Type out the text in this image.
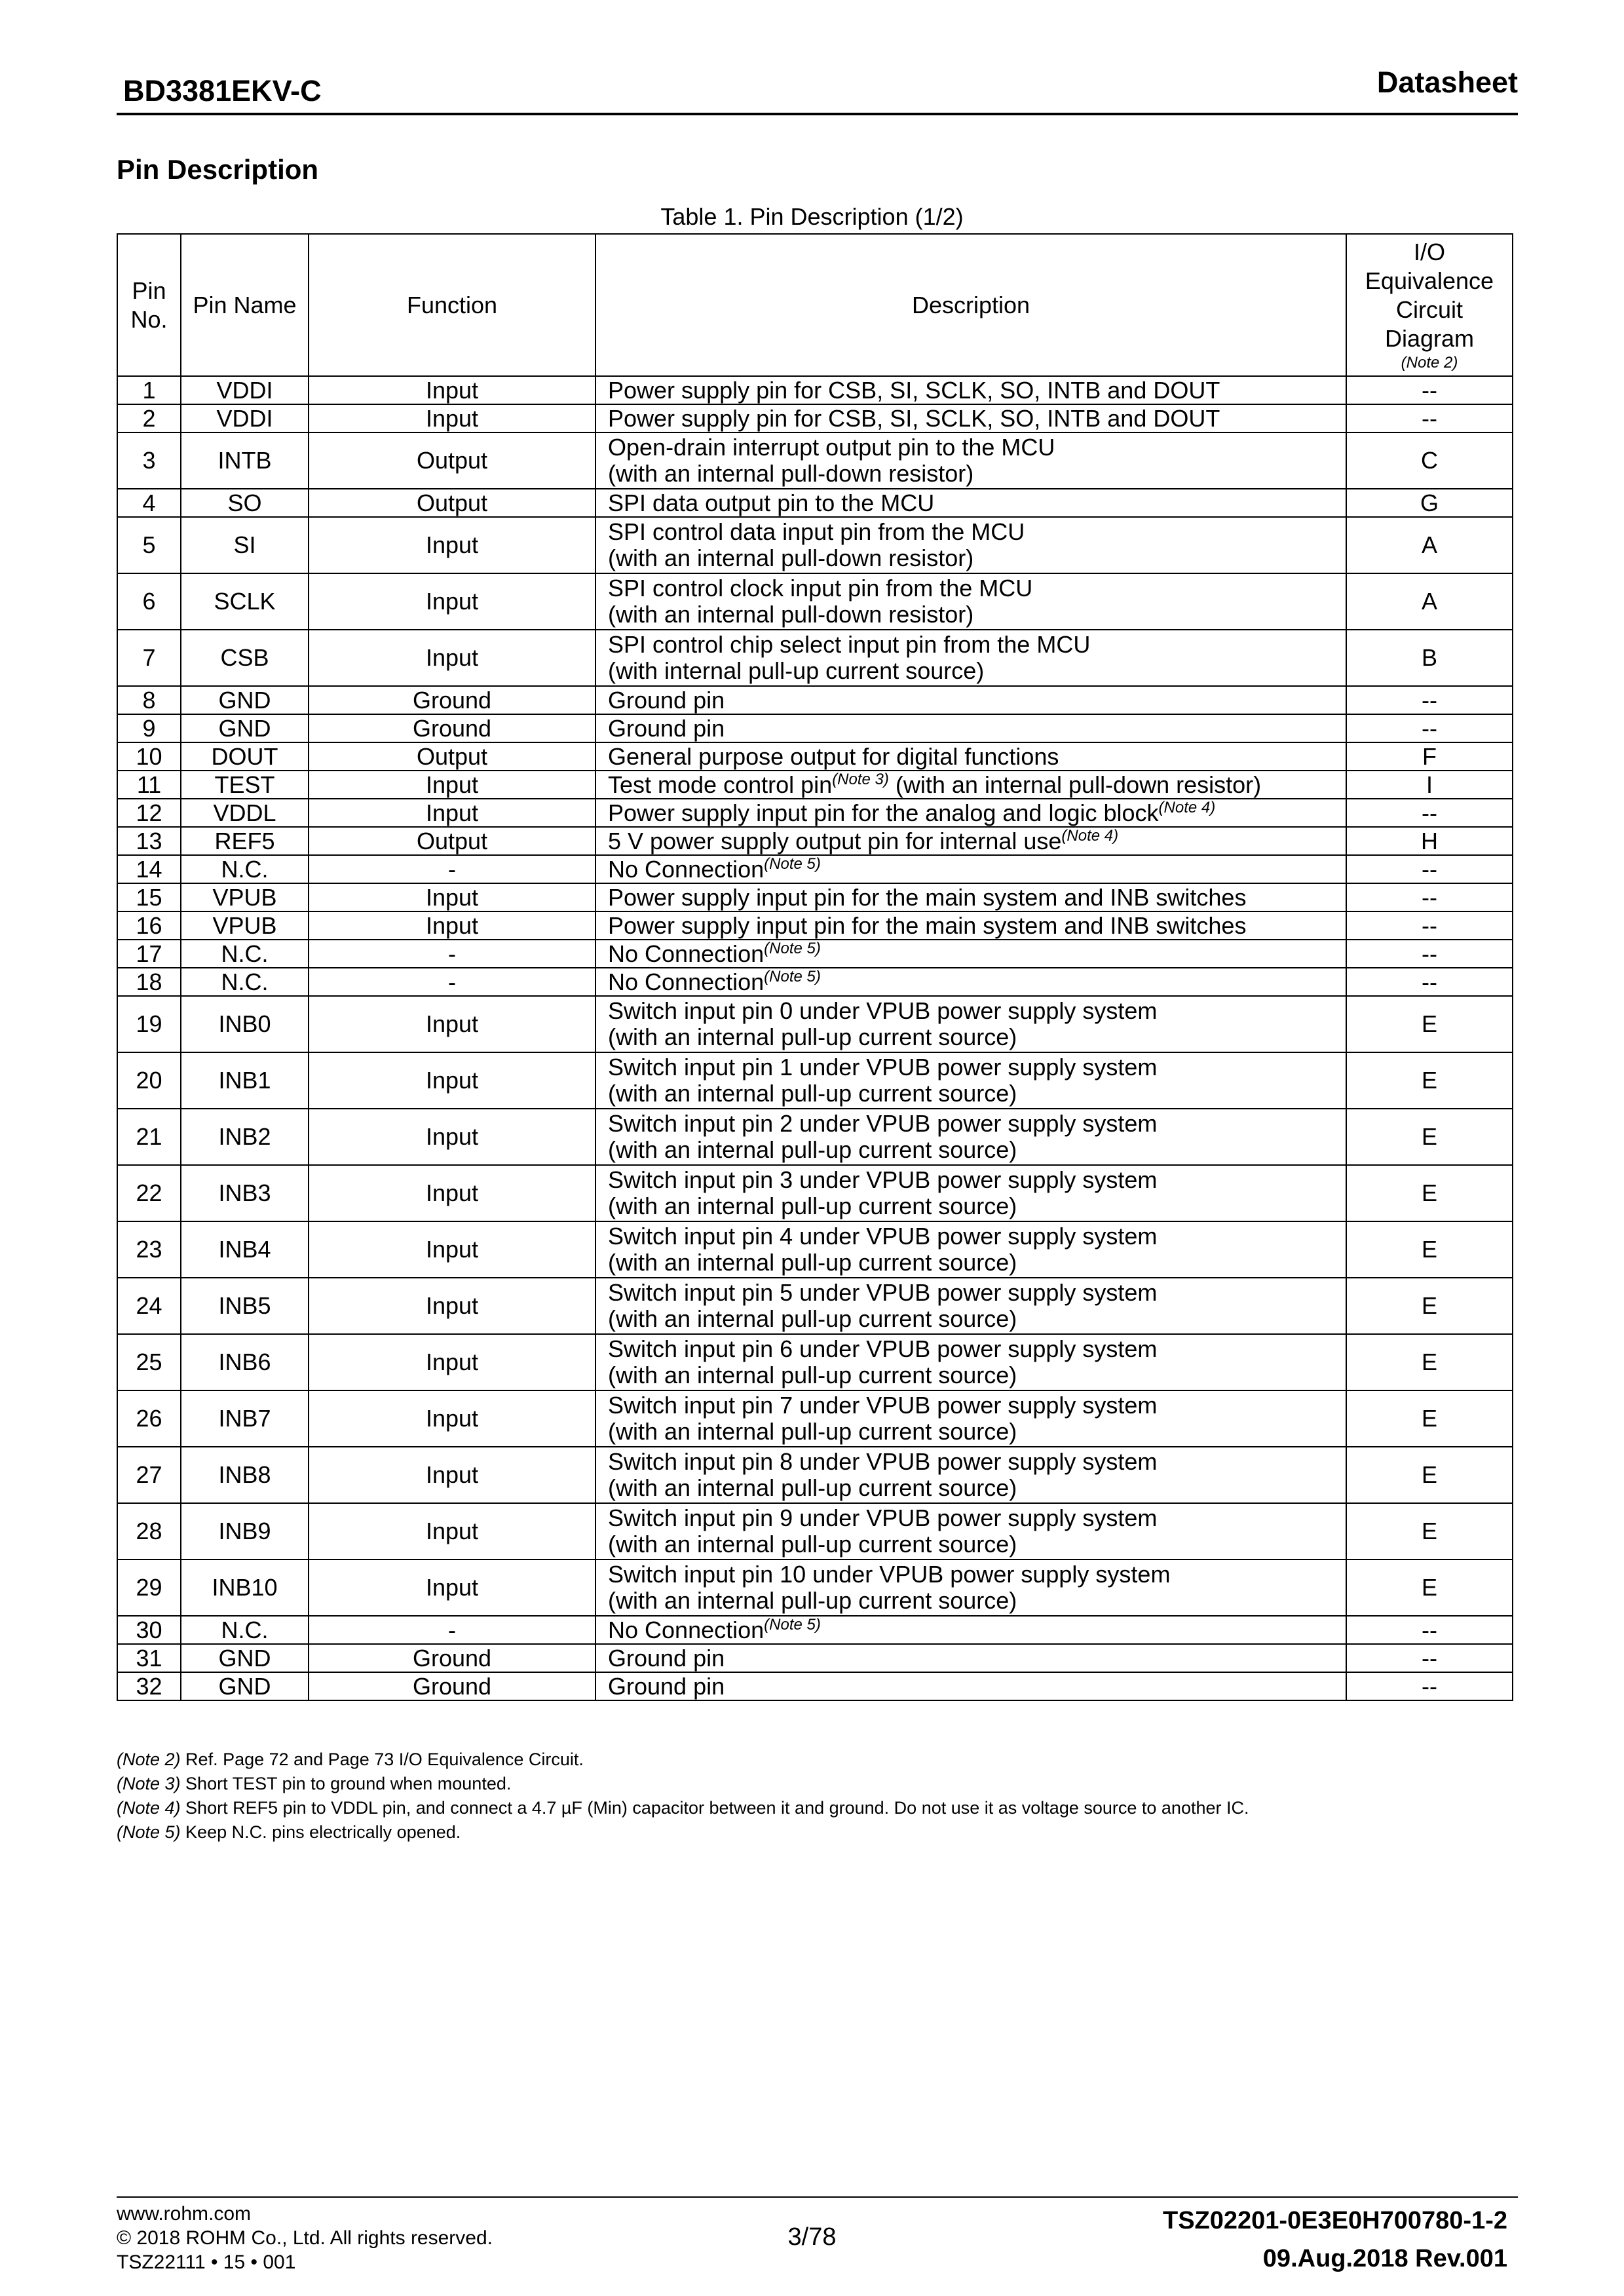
BD3381EKV-C	Datasheet
Pin Description
Table 1. Pin Description (1/2)
Pin No.	Pin Name	Function	Description	I/O Equivalence Circuit Diagram
(Note 2)

1	VDDI	Input	Power supply pin for CSB, SI, SCLK, SO, INTB and DOUT	--
2	VDDI	Input	Power supply pin for CSB, SI, SCLK, SO, INTB and DOUT	--
3	INTB	Output	Open-drain interrupt output pin to the MCU
(with an internal pull-down resistor)	C
4	SO	Output	SPI data output pin to the MCU	G
5	SI	Input	SPI control data input pin from the MCU
(with an internal pull-down resistor)	A
6	SCLK	Input	SPI control clock input pin from the MCU
(with an internal pull-down resistor)	A
7	CSB	Input	SPI control chip select input pin from the MCU
(with internal pull-up current source)	B
8	GND	Ground	Ground pin	--
9	GND	Ground	Ground pin	--
10	DOUT	Output	General purpose output for digital functions	F
11	TEST	Input	Test mode control pin$^{(Note 3)}$ (with an internal pull-down resistor)	I
12	VDDL	Input	Power supply input pin for the analog and logic block$^{(Note 4)}$	--
13	REF5	Output	5 V power supply output pin for internal use$^{(Note 4)}$	H
14	N.C.	-	No Connection$^{(Note 5)}$	--
15	VPUB	Input	Power supply input pin for the main system and INB switches	--
16	VPUB	Input	Power supply input pin for the main system and INB switches	--
17	N.C.	-	No Connection$^{(Note 5)}$	--
18	N.C.	-	No Connection$^{(Note 5)}$	--
19	INB0	Input	Switch input pin 0 under VPUB power supply system
(with an internal pull-up current source)	E
20	INB1	Input	Switch input pin 1 under VPUB power supply system
(with an internal pull-up current source)	E
21	INB2	Input	Switch input pin 2 under VPUB power supply system
(with an internal pull-up current source)	E
22	INB3	Input	Switch input pin 3 under VPUB power supply system
(with an internal pull-up current source)	E
23	INB4	Input	Switch input pin 4 under VPUB power supply system
(with an internal pull-up current source)	E
24	INB5	Input	Switch input pin 5 under VPUB power supply system
(with an internal pull-up current source)	E
25	INB6	Input	Switch input pin 6 under VPUB power supply system
(with an internal pull-up current source)	E
26	INB7	Input	Switch input pin 7 under VPUB power supply system
(with an internal pull-up current source)	E
27	INB8	Input	Switch input pin 8 under VPUB power supply system
(with an internal pull-up current source)	E
28	INB9	Input	Switch input pin 9 under VPUB power supply system
(with an internal pull-up current source)	E
29	INB10	Input	Switch input pin 10 under VPUB power supply system
(with an internal pull-up current source)	E
30	N.C.	-	No Connection$^{(Note 5)}$	--
31	GND	Ground	Ground pin	--
32	GND	Ground	Ground pin	--
(Note 2) Ref. Page 72 and Page 73 I/O Equivalence Circuit.
(Note 3) Short TEST pin to ground when mounted.
(Note 4) Short REF5 pin to VDDL pin, and connect a 4.7 µF (Min) capacitor between it and ground. Do not use it as voltage source to another IC.
(Note 5) Keep N.C. pins electrically opened.
www.rohm.com
© 2018 ROHM Co., Ltd. All rights reserved.
TSZ22111 • 15 • 001
3/78
TSZ02201-0E3E0H700780-1-2
09.Aug.2018 Rev.001
